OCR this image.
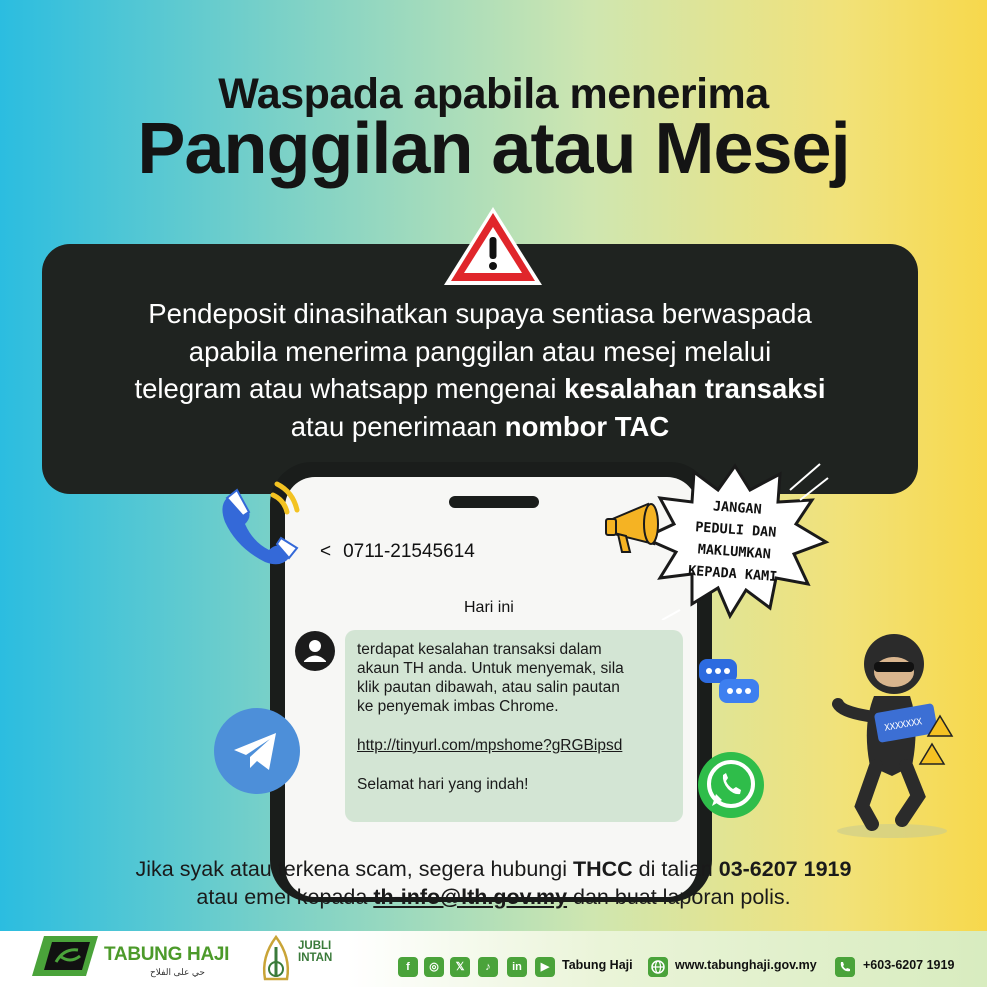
Waspada apabila menerima
Panggilan atau Mesej
Pendeposit dinasihatkan supaya sentiasa berwaspada
apabila menerima panggilan atau mesej melalui
telegram atau whatsapp mengenai kesalahan transaksi
atau penerimaan nombor TAC
< 0711-21545614
Hari ini
terdapat kesalahan transaksi dalam
akaun TH anda. Untuk menyemak, sila
klik pautan dibawah, atau salin pautan
ke penyemak imbas Chrome.
http://tinyurl.com/mpshome?gRGBipsd
Selamat hari yang indah!
JANGAN
PEDULI DAN
MAKLUMKAN
KEPADA KAMI
XXXXXXX
Jika syak atau terkena scam, segera hubungi THCC di talian 03-6207 1919
atau emel kepada th-info@lth.gov.my dan buat laporan polis.
TABUNG HAJI
حي على الفلاح
JUBLI
INTAN
f	◎	𝕏	♪	in	▶	Tabung Haji	www.tabunghaji.gov.my	+603-6207 1919
